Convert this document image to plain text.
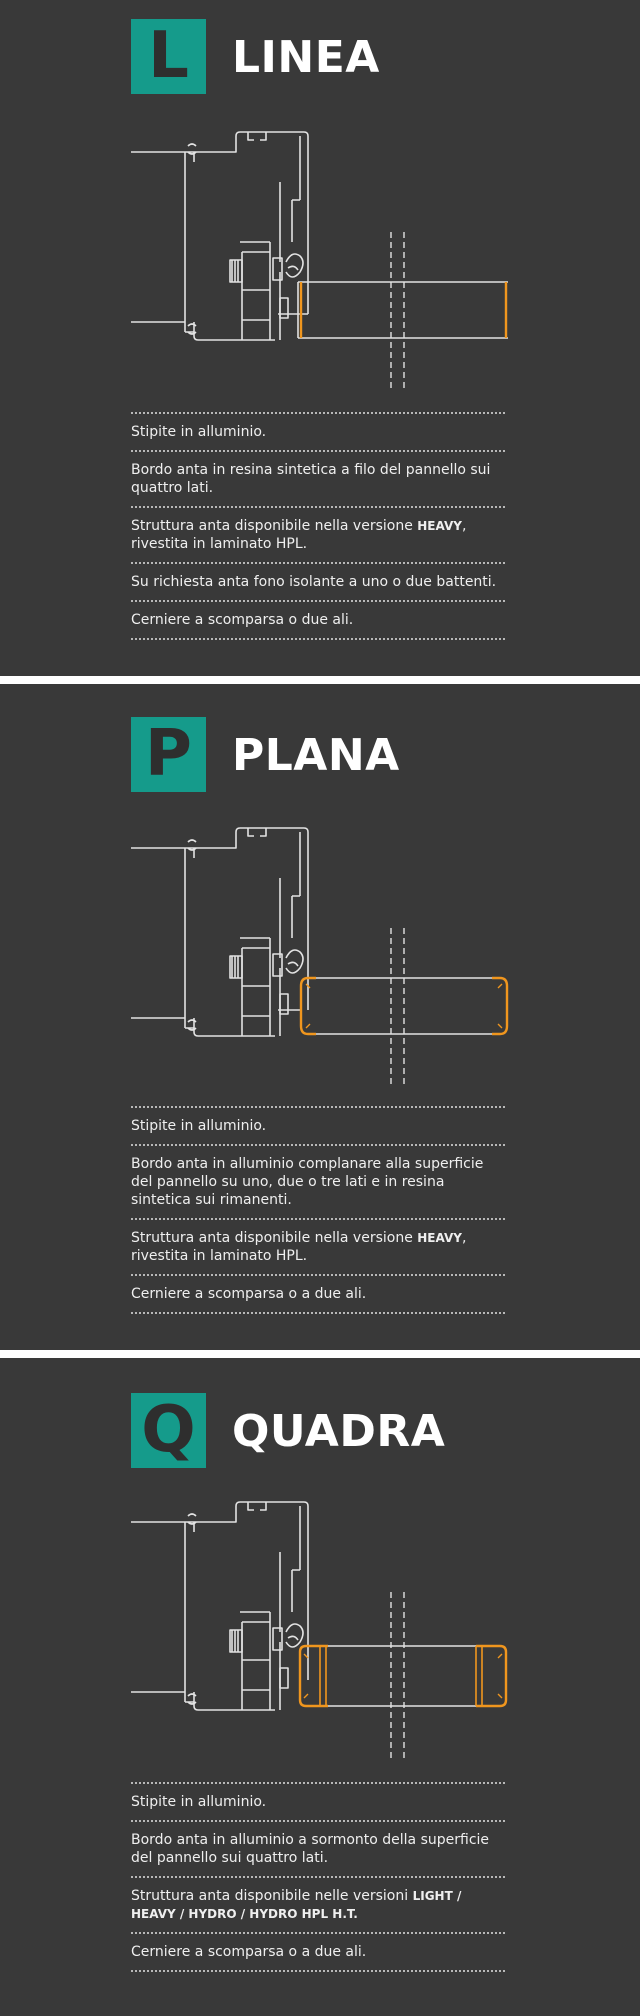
L LINEA
Stipite in alluminio.
Bordo anta in resina sintetica a filo del pannello sui quattro lati.
Struttura anta disponibile nella versione HEAVY, rivestita in laminato HPL.
Su richiesta anta fono isolante a uno o due battenti.
Cerniere a scomparsa o due ali.
P PLANA
Stipite in alluminio.
Bordo anta in alluminio complanare alla superficie del pannello su uno, due o tre lati e in resina sintetica sui rimanenti.
Struttura anta disponibile nella versione HEAVY, rivestita in laminato HPL.
Cerniere a scomparsa o a due ali.
Q QUADRA
Stipite in alluminio.
Bordo anta in alluminio a sormonto della superficie del pannello sui quattro lati.
Struttura anta disponibile nelle versioni LIGHT / HEAVY / HYDRO / HYDRO HPL H.T.
Cerniere a scomparsa o a due ali.
